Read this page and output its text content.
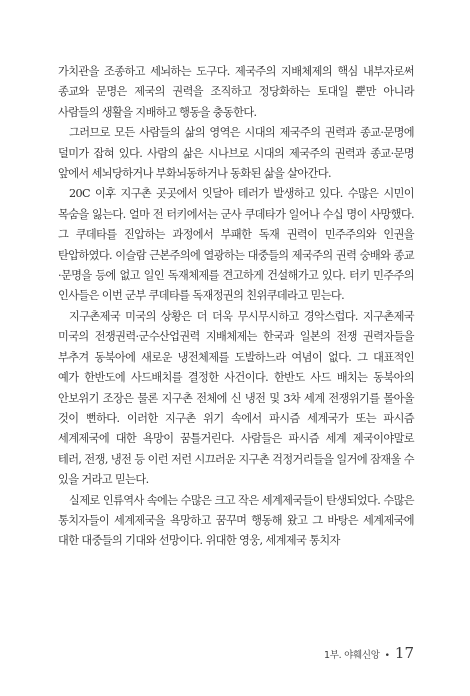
가치관을 조종하고 세뇌하는 도구다. 제국주의 지배체제의 핵심 내부자로써 종교와 문명은 제국의 권력을 조직하고 정당화하는 토대일 뿐만 아니라 사람들의 생활을 지배하고 행동을 충동한다.

그러므로 모든 사람들의 삶의 영역은 시대의 제국주의 권력과 종교·문명에 덜미가 잡혀 있다. 사람의 삶은 시나브로 시대의 제국주의 권력과 종교·문명 앞에서 세뇌당하거나 부화뇌동하거나 동화된 삶을 살아간다.

20C 이후 지구촌 곳곳에서 잇달아 테러가 발생하고 있다. 수많은 시민이 목숨을 잃는다. 얼마 전 터키에서는 군사 쿠데타가 일어나 수십 명이 사망했다. 그 쿠데타를 진압하는 과정에서 부패한 독재 권력이 민주주의와 인권을 탄압하였다. 이슬람 근본주의에 열광하는 대중들의 제국주의 권력 숭배와 종교·문명을 등에 없고 일인 독재체제를 견고하게 건설해가고 있다. 터키 민주주의 인사들은 이번 군부 쿠데타를 독재정권의 친위쿠데라고 믿는다.

지구촌제국 미국의 상황은 더 더욱 무시무시하고 경악스럽다. 지구촌제국 미국의 전쟁권력·군수산업권력 지배체제는 한국과 일본의 전쟁 권력자들을 부추겨 동북아에 새로운 냉전체제를 도발하느라 여념이 없다. 그 대표적인 예가 한반도에 사드배치를 결정한 사건이다. 한반도 사드 배치는 동북아의 안보위기 조장은 물론 지구촌 전체에 신 냉전 및 3차 세계 전쟁위기를 몰아올 것이 뻔하다. 이러한 지구촌 위기 속에서 파시즘 세계국가 또는 파시즘 세계제국에 대한 욕망이 꿈틀거린다. 사람들은 파시즘 세계 제국이야말로 테러, 전쟁, 냉전 등 이런 저런 시끄러운 지구촌 걱정거리들을 일거에 잠재울 수 있을 거라고 믿는다.

실제로 인류역사 속에는 수많은 크고 작은 세계제국들이 탄생되었다. 수많은 통치자들이 세계제국을 욕망하고 꿈꾸며 행동해 왔고 그 바탕은 세계제국에 대한 대중들의 기대와 선망이다. 위대한 영웅, 세계제국 통치자

1부. 야훼신앙 • 17
